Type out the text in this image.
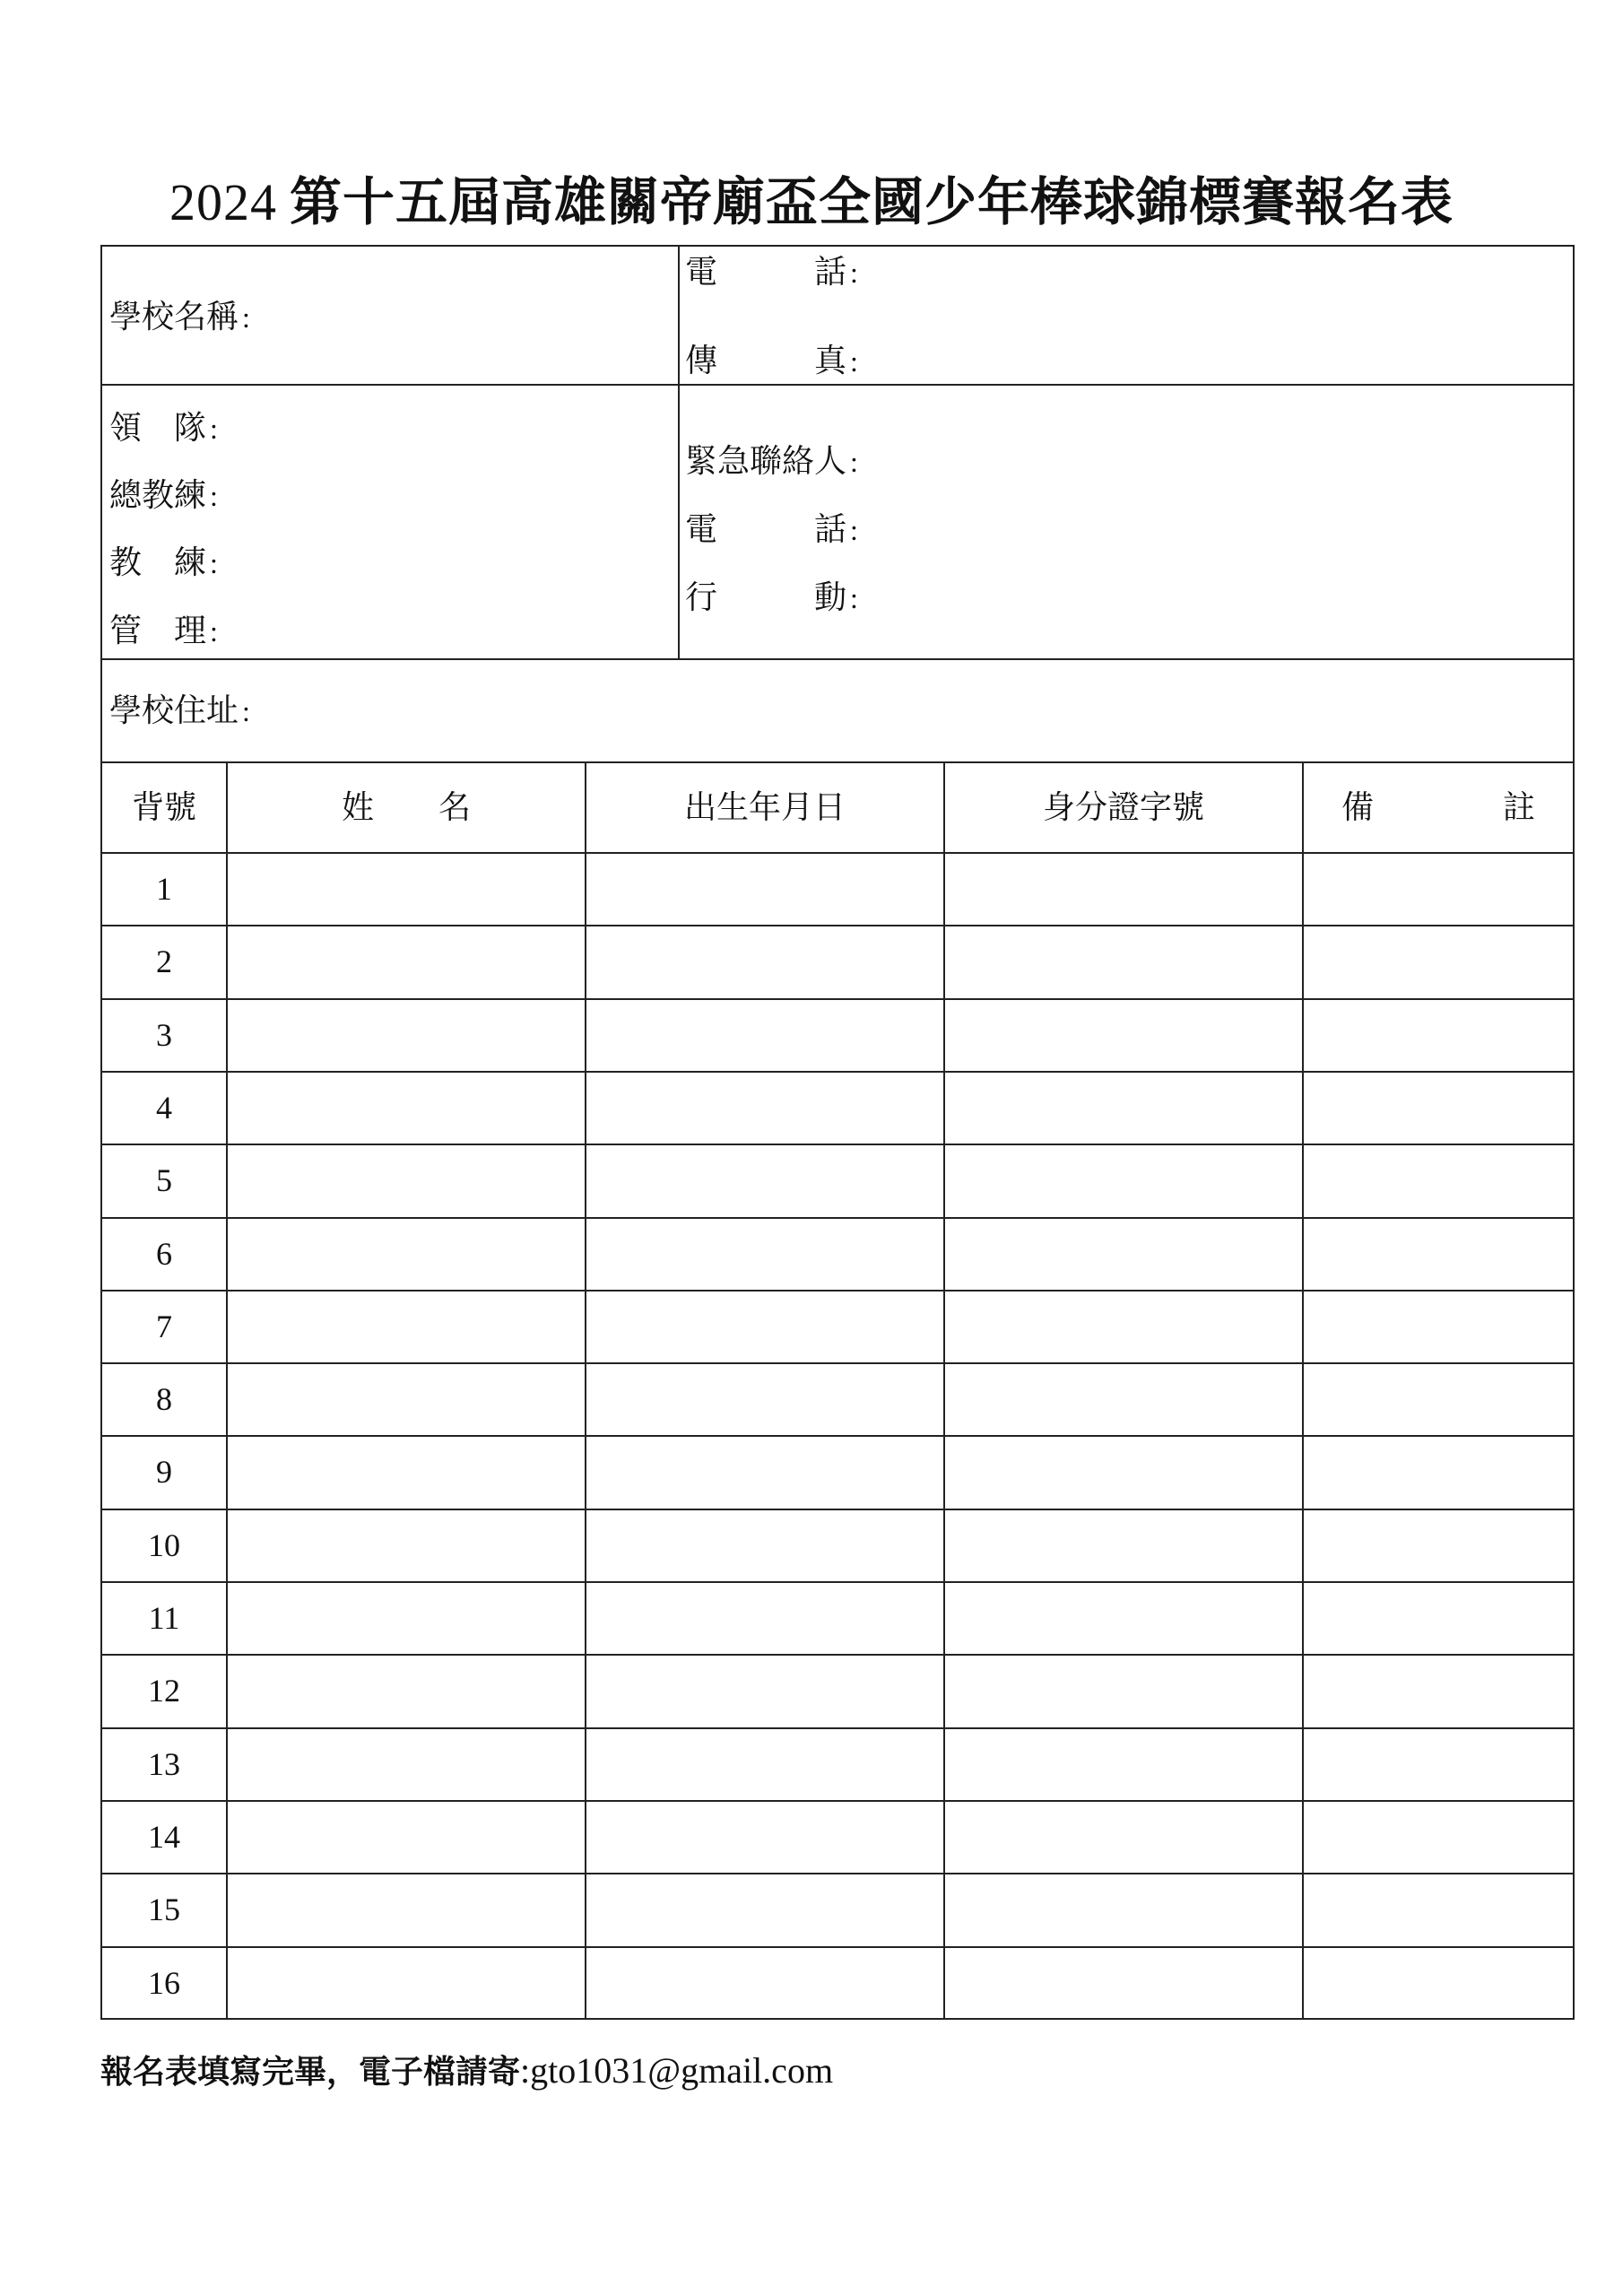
2024 第十五屆高雄關帝廟盃全國少年棒球錦標賽報名表
學校名稱 :
電　　　話 :
傳　　　真 :
領　隊 :
總教練 :
教　練 :
管　理 :
緊急聯絡人 :
電　　　話 :
行　　　動 :
學校住址 :
背號	姓　　名	出生年月日	身分證字號	備　　　　註
1
2
3
4
5
6
7
8
9
10
11
12
13
14
15
16
報名表填寫完畢，電子檔請寄:gto1031@gmail.com
